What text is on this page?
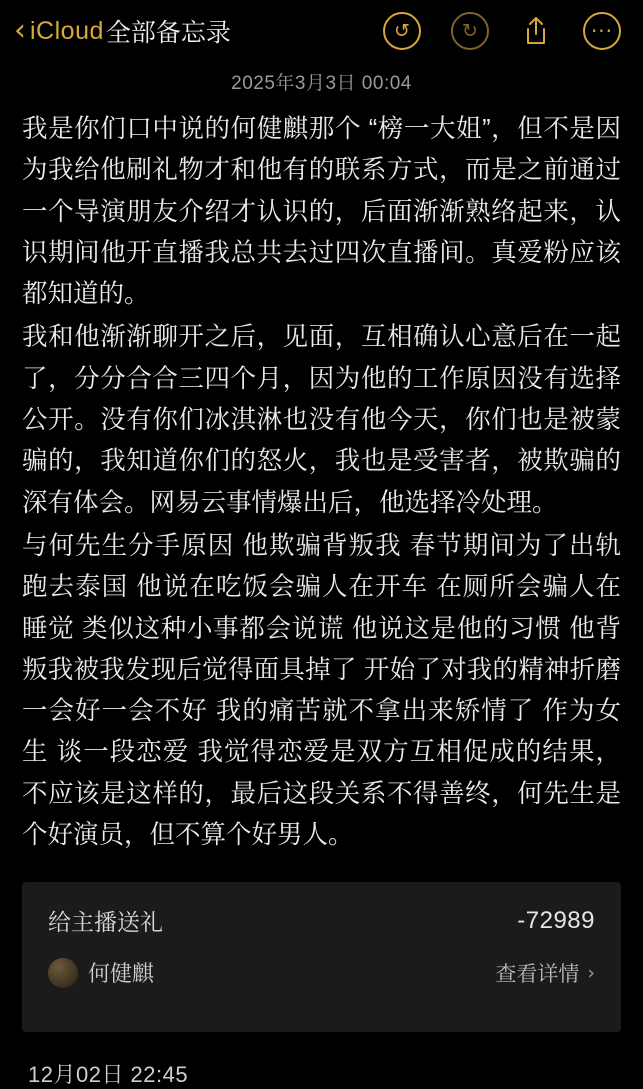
‹ iCloud 全部备忘录	↺	↻	···
2025年3月3日 00:04

我是你们口中说的何健麒那个 “榜一大姐”，但不是因为我给他刷礼物才和他有的联系方式，而是之前通过一个导演朋友介绍才认识的，后面渐渐熟络起来，认识期间他开直播我总共去过四次直播间。真爱粉应该都知道的。

我和他渐渐聊开之后，见面，互相确认心意后在一起了，分分合合三四个月，因为他的工作原因没有选择公开。没有你们冰淇淋也没有他今天，你们也是被蒙骗的，我知道你们的怒火，我也是受害者，被欺骗的深有体会。网易云事情爆出后，他选择冷处理。

与何先生分手原因 他欺骗背叛我 春节期间为了出轨跑去泰国 他说在吃饭会骗人在开车 在厕所会骗人在睡觉 类似这种小事都会说谎 他说这是他的习惯 他背叛我被我发现后觉得面具掉了 开始了对我的精神折磨 一会好一会不好 我的痛苦就不拿出来矫情了 作为女生 谈一段恋爱 我觉得恋爱是双方互相促成的结果，不应该是这样的，最后这段关系不得善终，何先生是个好演员，但不算个好男人。

给主播送礼	-72989
何健麒	查看详情 ›
12月02日 22:45
